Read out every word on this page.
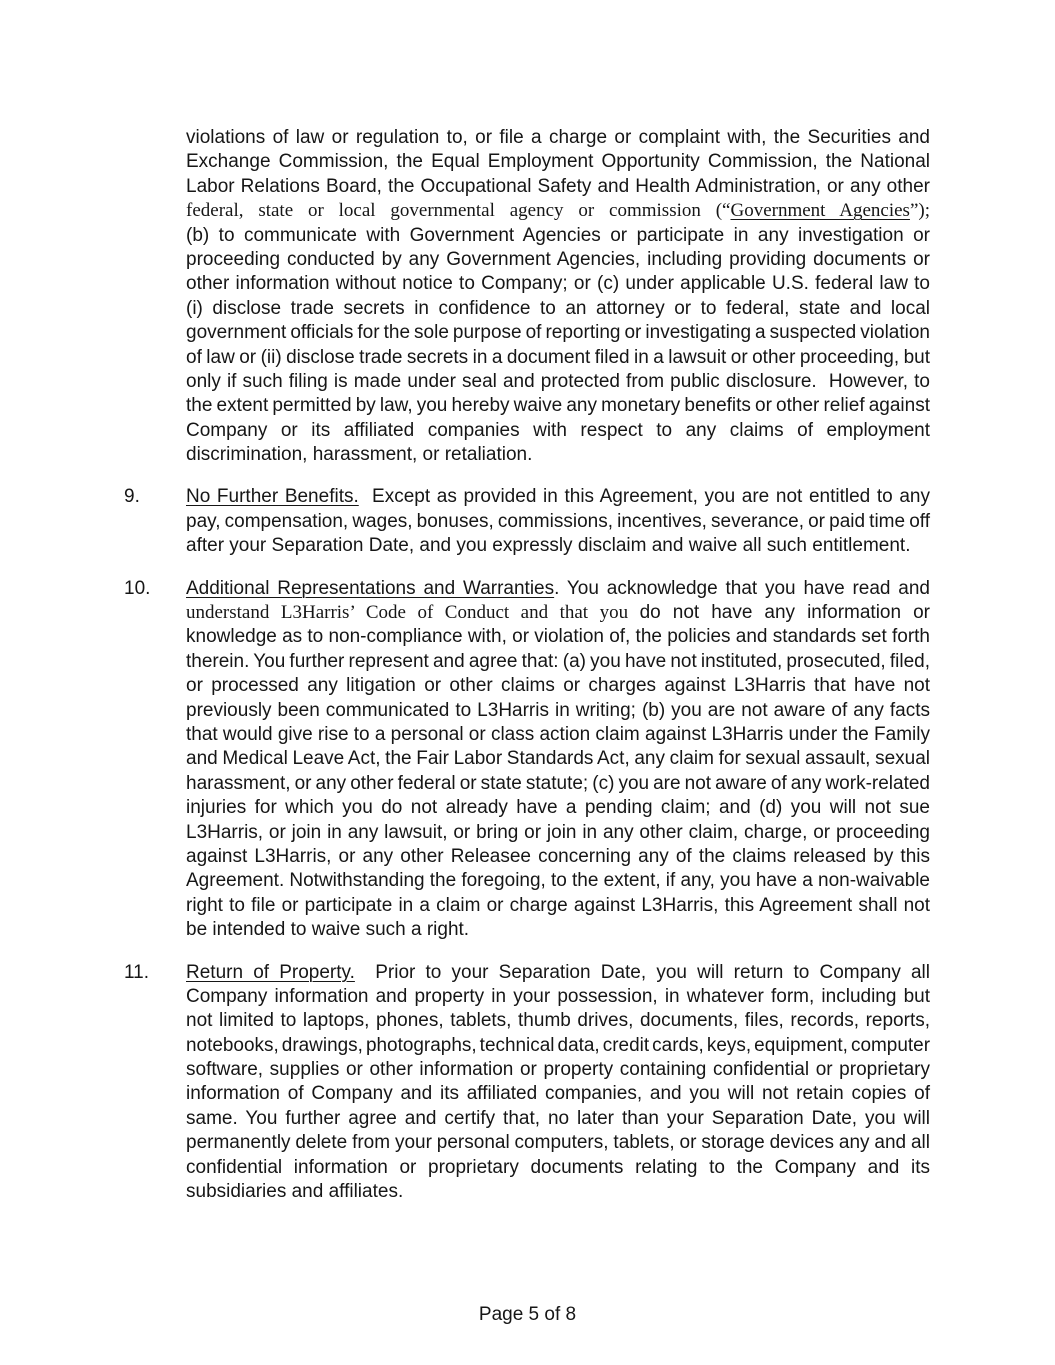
violations of law or regulation to, or file a charge or complaint with, the Securities and
Exchange Commission, the Equal Employment Opportunity Commission, the National
Labor Relations Board, the Occupational Safety and Health Administration, or any other
federal, state or local governmental agency or commission (“Government Agencies”);
(b) to communicate with Government Agencies or participate in any investigation or
proceeding conducted by any Government Agencies, including providing documents or
other information without notice to Company; or (c) under applicable U.S. federal law to
(i) disclose trade secrets in confidence to an attorney or to federal, state and local
government officials for the sole purpose of reporting or investigating a suspected violation
of law or (ii) disclose trade secrets in a document filed in a lawsuit or other proceeding, but
only if such filing is made under seal and protected from public disclosure.  However, to
the extent permitted by law, you hereby waive any monetary benefits or other relief against
Company or its affiliated companies with respect to any claims of employment
discrimination, harassment, or retaliation.
9. No Further Benefits.  Except as provided in this Agreement, you are not entitled to any
pay, compensation, wages, bonuses, commissions, incentives, severance, or paid time off
after your Separation Date, and you expressly disclaim and waive all such entitlement.
10. Additional Representations and Warranties. You acknowledge that you have read and
understand L3Harris’ Code of Conduct and that you do not have any information or
knowledge as to non-compliance with, or violation of, the policies and standards set forth
therein. You further represent and agree that: (a) you have not instituted, prosecuted, filed,
or processed any litigation or other claims or charges against L3Harris that have not
previously been communicated to L3Harris in writing; (b) you are not aware of any facts
that would give rise to a personal or class action claim against L3Harris under the Family
and Medical Leave Act, the Fair Labor Standards Act, any claim for sexual assault, sexual
harassment, or any other federal or state statute; (c) you are not aware of any work-related
injuries for which you do not already have a pending claim; and (d) you will not sue
L3Harris, or join in any lawsuit, or bring or join in any other claim, charge, or proceeding
against L3Harris, or any other Releasee concerning any of the claims released by this
Agreement. Notwithstanding the foregoing, to the extent, if any, you have a non-waivable
right to file or participate in a claim or charge against L3Harris, this Agreement shall not
be intended to waive such a right.
11. Return of Property.  Prior to your Separation Date, you will return to Company all
Company information and property in your possession, in whatever form, including but
not limited to laptops, phones, tablets, thumb drives, documents, files, records, reports,
notebooks, drawings, photographs, technical data, credit cards, keys, equipment, computer
software, supplies or other information or property containing confidential or proprietary
information of Company and its affiliated companies, and you will not retain copies of
same. You further agree and certify that, no later than your Separation Date, you will
permanently delete from your personal computers, tablets, or storage devices any and all
confidential information or proprietary documents relating to the Company and its
subsidiaries and affiliates.
Page 5 of 8
